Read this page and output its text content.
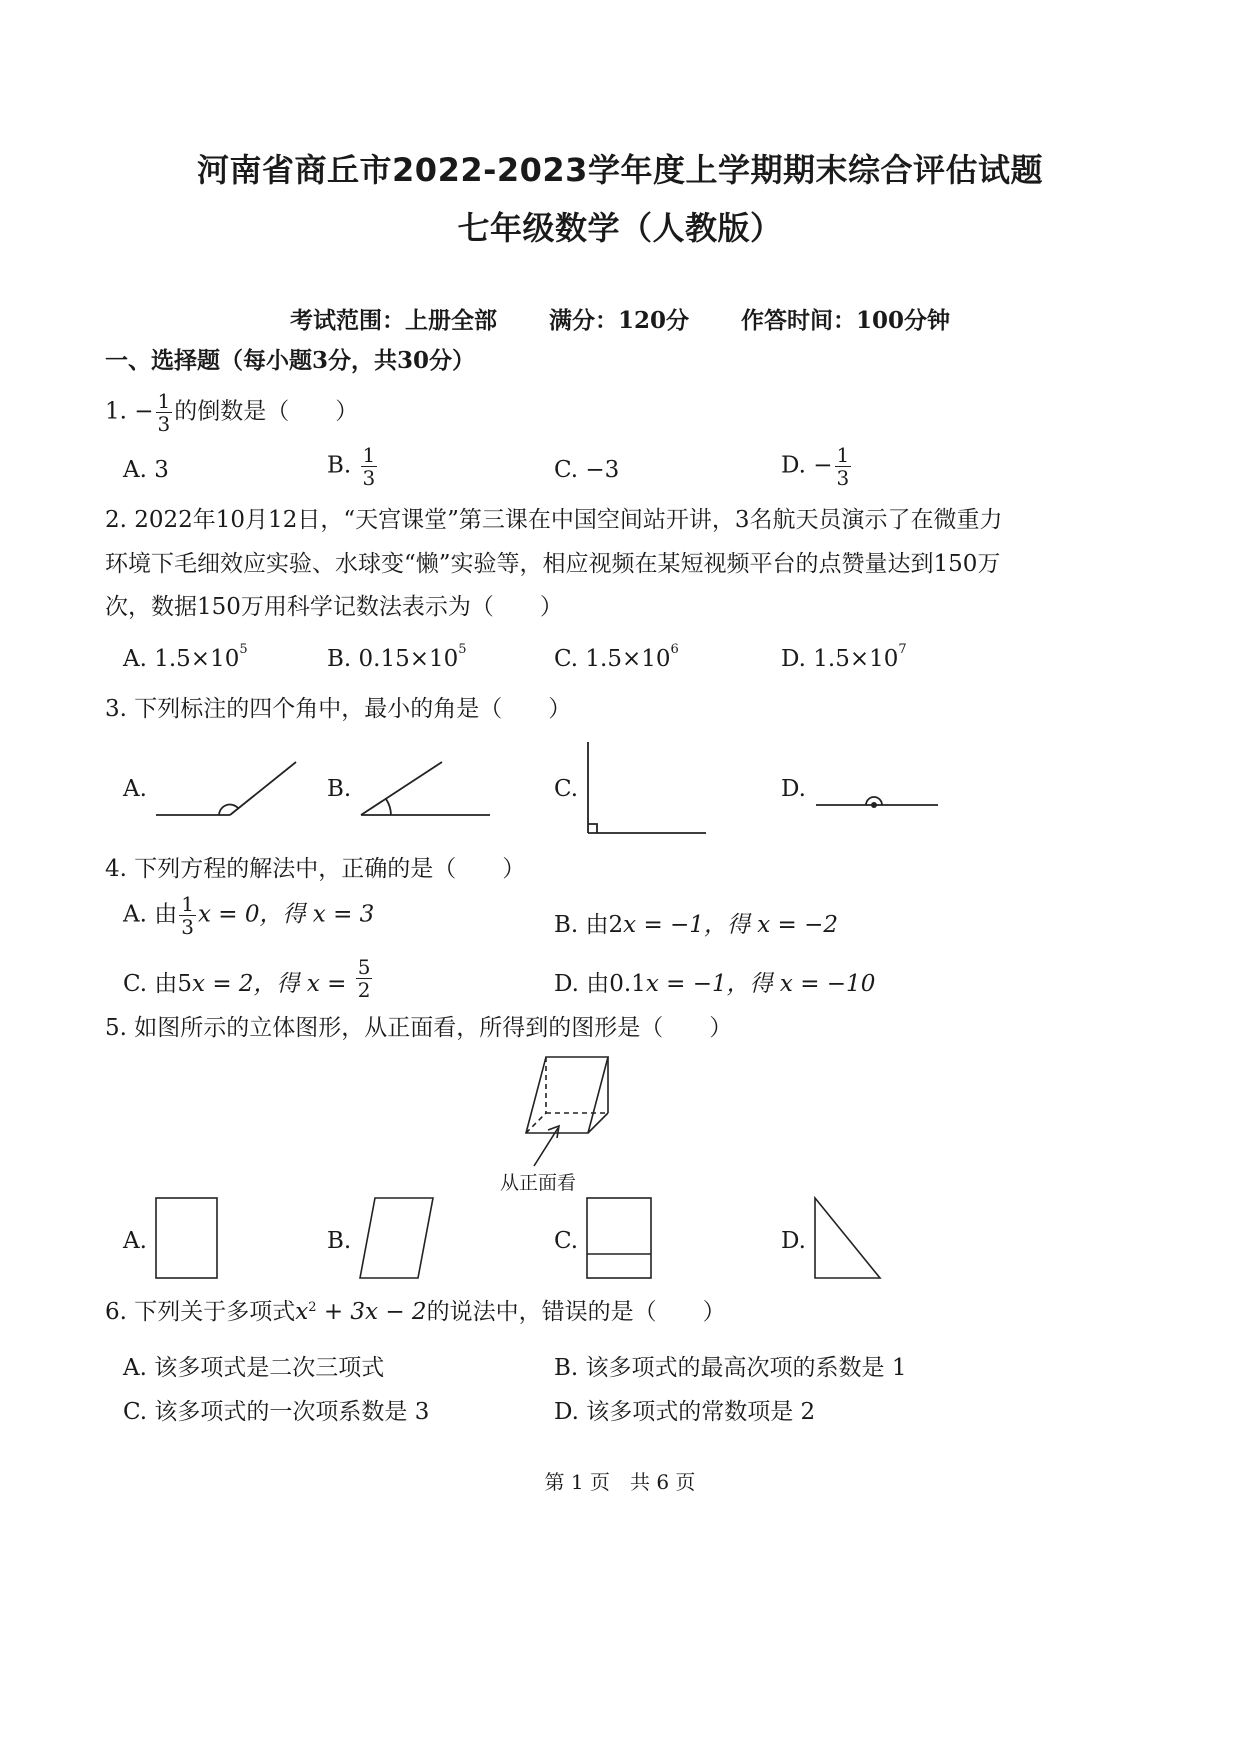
河南省商丘市2022-2023学年度上学期期末综合评估试题
七年级数学（人教版）
考试范围：上册全部 满分：120分 作答时间：100分钟
一、选择题（每小题3分，共30分）
1. − $\frac{1}{3}$ 的倒数是（　　）
A. 3	B. $\frac{1}{3}$	C. −3	D. − $\frac{1}{3}$
2. 2022年10月12日，“天宫课堂”第三课在中国空间站开讲，3名航天员演示了在微重力
环境下毛细效应实验、水球变“懒”实验等，相应视频在某短视频平台的点赞量达到150万
次，数据150万用科学记数法表示为（　　）
A. $1.5\times 10^5$	B. $0.15\times 10^5$	C. $1.5\times 10^6$	D. $1.5\times 10^7$
3. 下列标注的四个角中，最小的角是（　　）
A.	B.	C.	D.
4. 下列方程的解法中，正确的是（　　）
A. 由 $\frac{1}{3}$ x = 0，得 x = 3	B. 由2x = −1，得 x = −2
C. 由5x = 2，得 $x = \frac{5}{2}$	D. 由0.1x = −1，得 x = −10
5. 如图所示的立体图形，从正面看，所得到的图形是（　　）
从正面看
A.	B.	C.	D.
6. 下列关于多项式$x^2 + 3x - 2$的说法中，错误的是（　　）
A. 该多项式是二次三项式	B. 该多项式的最高次项的系数是 1
C. 该多项式的一次项系数是 3	D. 该多项式的常数项是 2
第 1 页　共 6 页
